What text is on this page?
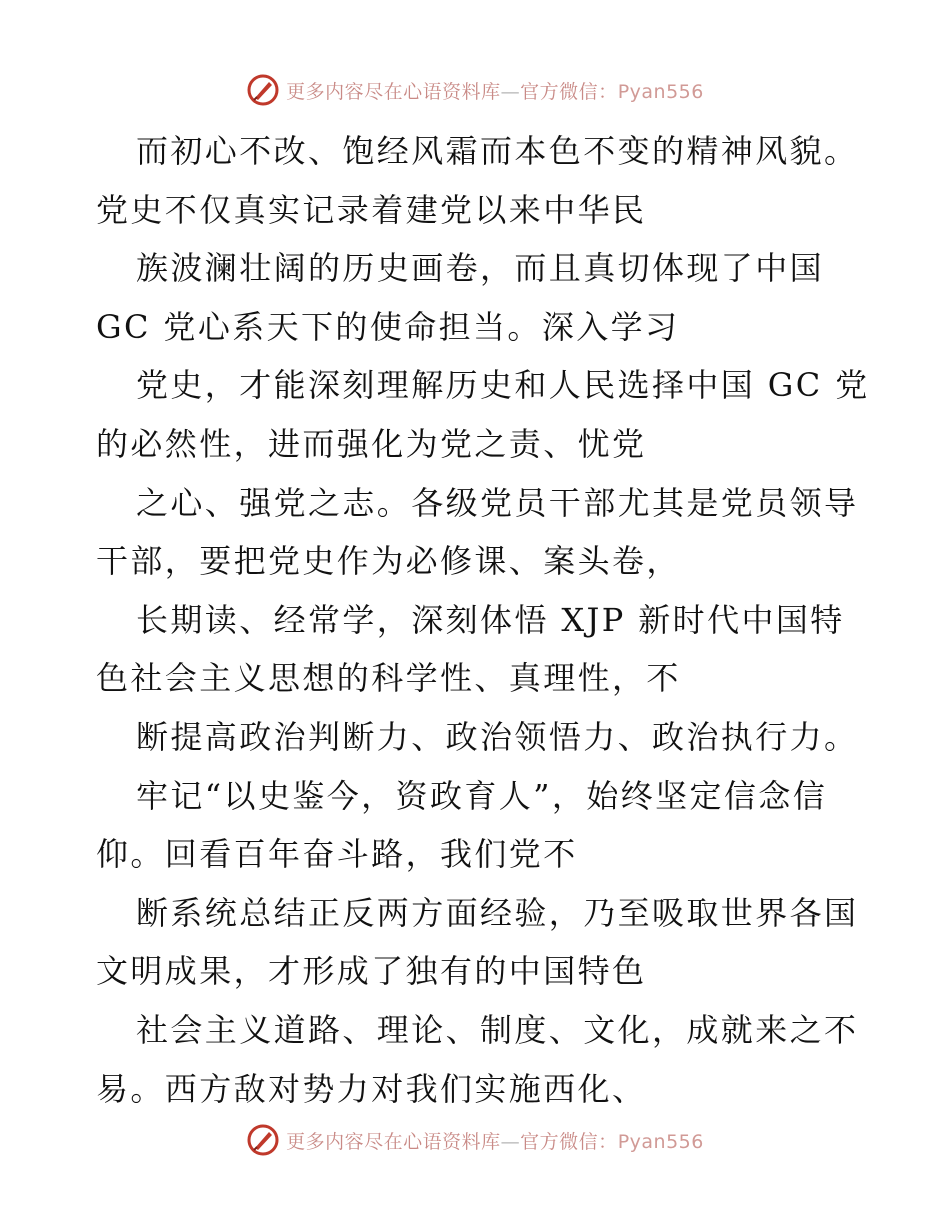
更多内容尽在心语资料库—官方微信：Pyan556
而初心不改、饱经风霜而本色不变的精神风貌。
党史不仅真实记录着建党以来中华民
族波澜壮阔的历史画卷，而且真切体现了中国
GC 党心系天下的使命担当。深入学习
党史，才能深刻理解历史和人民选择中国 GC 党
的必然性，进而强化为党之责、忧党
之心、强党之志。各级党员干部尤其是党员领导
干部，要把党史作为必修课、案头卷，
长期读、经常学，深刻体悟 XJP 新时代中国特
色社会主义思想的科学性、真理性，不
断提高政治判断力、政治领悟力、政治执行力。
牢记“以史鉴今，资政育人”，始终坚定信念信
仰。回看百年奋斗路，我们党不
断系统总结正反两方面经验，乃至吸取世界各国
文明成果，才形成了独有的中国特色
社会主义道路、理论、制度、文化，成就来之不
易。西方敌对势力对我们实施西化、
更多内容尽在心语资料库—官方微信：Pyan556
